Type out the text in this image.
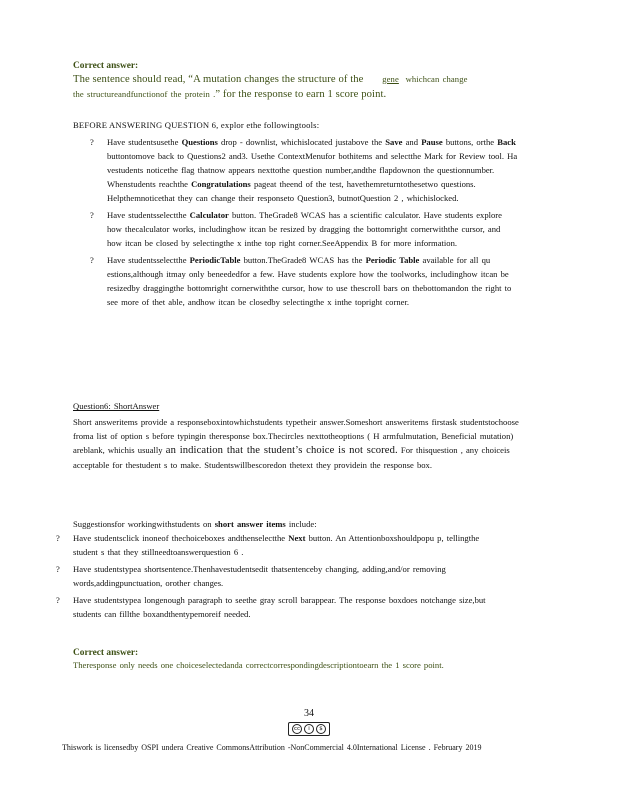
Correct answer:
The sentence should read, “A mutation changes the structure of the gene whichcan change
the structureandfunctionof the protein .” for the response to earn 1 score point.
BEFORE ANSWERING QUESTION 6, explor ethe followingtools:
? Have studentsusethe Questions drop - downlist, whichislocated justabove the Save and Pause buttons, orthe Back buttontomove back to Questions2 and3. Usethe ContextMenufor bothitems and selectthe Mark for Review tool. Ha vestudents noticethe flag thatnow appears nexttothe question number,andthe flapdownon the questionnumber. Whenstudents reachthe Congratulations pageat theend of the test, havethemreturntothesetwo questions. Helpthemnoticethat they can change their responseto Question3, butnotQuestion 2 , whichislocked.
? Have studentsselectthe Calculator button. TheGrade8 WCAS has a scientific calculator. Have students explore how thecalculator works, includinghow itcan be resized by dragging the bottomright cornerwiththe cursor, and how itcan be closed by selectingthe x inthe top right corner.SeeAppendix B for more information.
? Have studentsselectthe PeriodicTable button.TheGrade8 WCAS has the Periodic Table available for all qu estions,although itmay only beneededfor a few. Have students explore how the toolworks, includinghow itcan be resizedby draggingthe bottomright cornerwiththe cursor, how to use thescroll bars on thebottomandon the right to see more of thet able, andhow itcan be closedby selectingthe x inthe topright corner.
Question6: ShortAnswer
Short answeritems provide a responseboxintowhichstudents typetheir answer.Someshort answeritems firstask studentstochoose froma list of option s before typingin theresponse box.Thecircles nexttotheoptions ( H armfulmutation, Beneficial mutation) areblank, whichis usually an indication that the student’s choice is not scored. For thisquestion , any choiceis acceptable for thestudent s to make. Studentswillbescoredon thetext they providein the response box.
Suggestionsfor workingwithstudents on short answer items include:
? Have studentsclick inoneof thechoiceboxes andthenselectthe Next button. An Attentionboxshouldpopu p, tellingthe student s that they stillneedtoanswerquestion 6 .
? Have studentstypea shortsentence.Thenhavestudentsedit thatsentenceby changing, adding,and/or removing words,addingpunctuation, orother changes.
? Have studentstypea longenough paragraph to seethe gray scroll barappear. The response boxdoes notchange size,but students can fillthe boxandthentypemoreif needed.
Correct answer:
Theresponse only needs one choiceselectedanda correctcorrespondingdescriptiontoearn the 1 score point.
34
cc	i	$
Thiswork is licensedby OSPI undera Creative CommonsAttribution -NonCommercial 4.0International License . February 2019
